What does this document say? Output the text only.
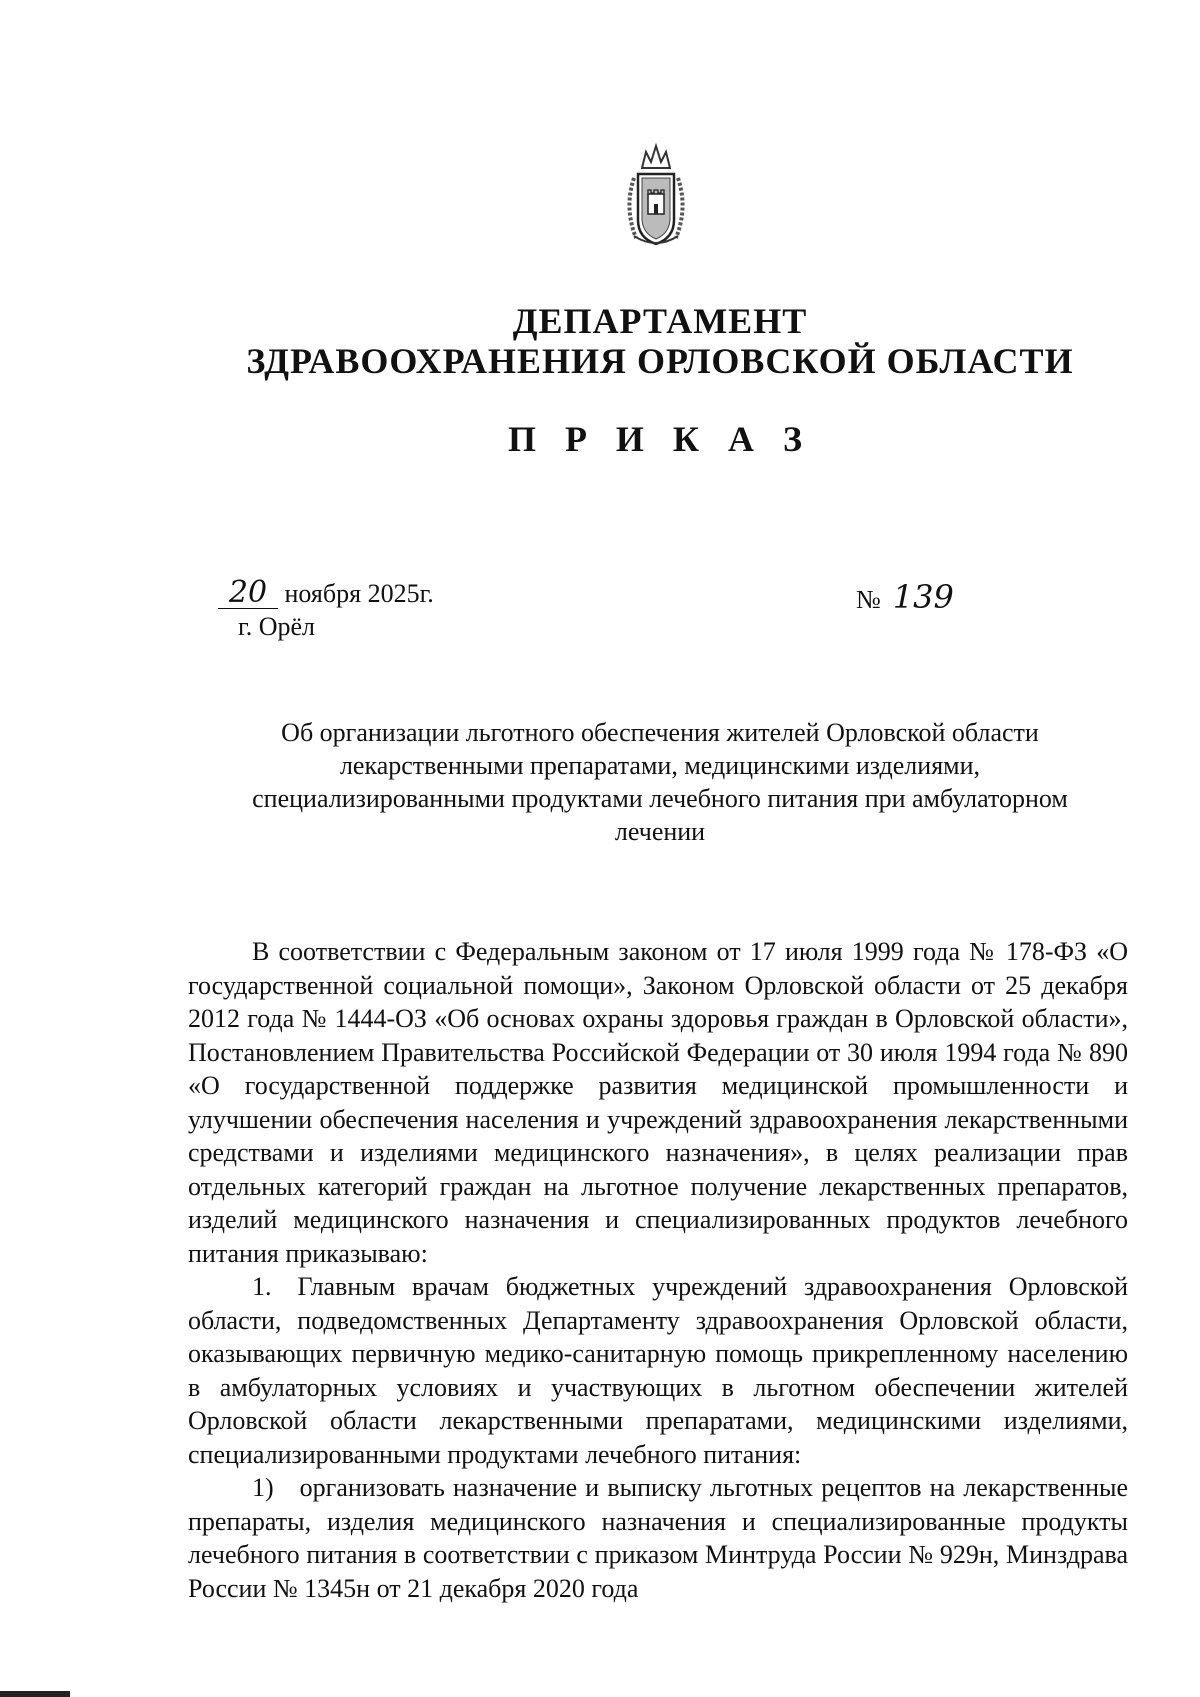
ДЕПАРТАМЕНТ
ЗДРАВООХРАНЕНИЯ ОРЛОВСКОЙ ОБЛАСТИ
П Р И К А З
20 ноября 2025г.
г. Орёл
№ 139
Об организации льготного обеспечения жителей Орловской области
лекарственными препаратами, медицинскими изделиями,
специализированными продуктами лечебного питания при амбулаторном
лечении

В соответствии с Федеральным законом от 17 июля 1999 года № 178-ФЗ «О государственной социальной помощи», Законом Орловской области от 25 декабря 2012 года № 1444-ОЗ «Об основах охраны здоровья граждан в Орловской области», Постановлением Правительства Российской Федерации от 30 июля 1994 года № 890 «О государственной поддержке развития медицинской промышленности и улучшении обеспечения населения и учреждений здравоохранения лекарственными средствами и изделиями медицинского назначения», в целях реализации прав отдельных категорий граждан на льготное получение лекарственных препаратов, изделий медицинского назначения и специализированных продуктов лечебного питания приказываю:

1. Главным врачам бюджетных учреждений здравоохранения Орловской области, подведомственных Департаменту здравоохранения Орловской области, оказывающих первичную медико-санитарную помощь прикрепленному населению в амбулаторных условиях и участвующих в льготном обеспечении жителей Орловской области лекарственными препаратами, медицинскими изделиями, специализированными продуктами лечебного питания:

1) организовать назначение и выписку льготных рецептов на лекарственные препараты, изделия медицинского назначения и специализированные продукты лечебного питания в соответствии с приказом Минтруда России № 929н, Минздрава России № 1345н от 21 декабря 2020 года
